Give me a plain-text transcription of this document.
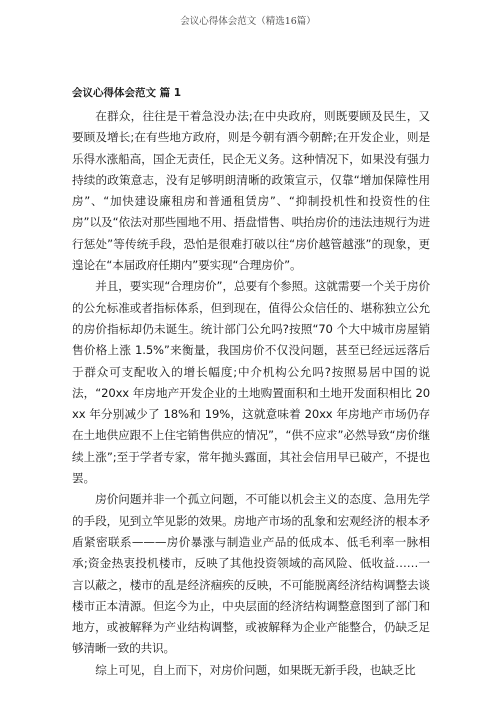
会议心得体会范文（精选16篇）
会议心得体会范文 篇 1

在群众，往往是干着急没办法;在中央政府，则既要顾及民生，又要顾及增长;在有些地方政府，则是今朝有酒今朝醉;在开发企业，则是乐得水涨船高，国企无责任，民企无义务。这种情况下，如果没有强力持续的政策意志，没有足够明朗清晰的政策宣示，仅靠“增加保障性用房”、“加快建设廉租房和普通租赁房”、“抑制投机性和投资性的住房”以及“依法对那些囤地不用、捂盘惜售、哄抬房价的违法违规行为进行惩处”等传统手段，恐怕是很难打破以往“房价越管越涨”的现象，更遑论在“本届政府任期内”要实现“合理房价”。

并且，要实现“合理房价”，总要有个参照。这就需要一个关于房价的公允标准或者指标体系，但到现在，值得公众信任的、堪称独立公允的房价指标却仍未诞生。统计部门公允吗?按照“70 个大中城市房屋销售价格上涨 1.5%”来衡量，我国房价不仅没问题，甚至已经远远落后于群众可支配收入的增长幅度;中介机构公允吗?按照易居中国的说法，“20xx 年房地产开发企业的土地购置面积和土地开发面积相比 20xx 年分别减少了 18%和 19%，这就意味着 20xx 年房地产市场仍存在土地供应跟不上住宅销售供应的情况”，“供不应求”必然导致“房价继续上涨”;至于学者专家，常年抛头露面，其社会信用早已破产，不提也罢。

房价问题并非一个孤立问题，不可能以机会主义的态度、急用先学的手段，见到立竿见影的效果。房地产市场的乱象和宏观经济的根本矛盾紧密联系———房价暴涨与制造业产品的低成本、低毛利率一脉相承;资金热衷投机楼市，反映了其他投资领域的高风险、低收益……一言以蔽之，楼市的乱是经济痼疾的反映，不可能脱离经济结构调整去谈楼市正本清源。但迄今为止，中央层面的经济结构调整意图到了部门和地方，或被解释为产业结构调整，或被解释为企业产能整合，仍缺乏足够清晰一致的共识。

综上可见，自上而下，对房价问题，如果既无新手段，也缺乏比
